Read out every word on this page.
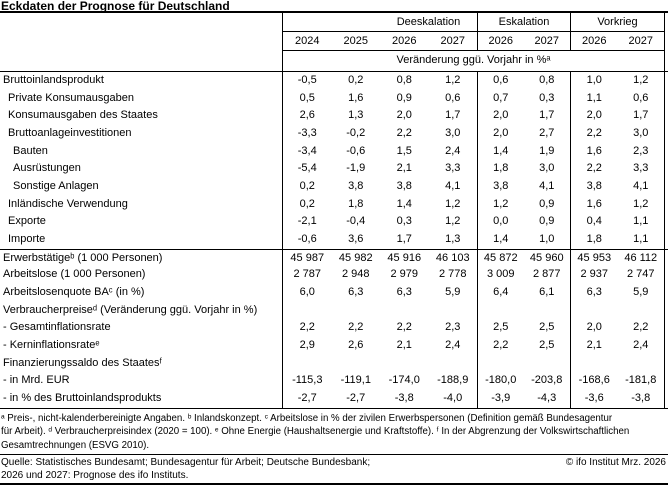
Eckdaten der Prognose für Deutschland
Deeskalation	Eskalation	Vorkrieg
2024	2025	2026	2027	2026	2027	2026	2027
Veränderung ggü. Vorjahr in %ᵃ
Bruttoinlandsprodukt	-0,5	0,2	0,8	1,2	0,6	0,8	1,0	1,2
Private Konsumausgaben	0,5	1,6	0,9	0,6	0,7	0,3	1,1	0,6
Konsumausgaben des Staates	2,6	1,3	2,0	1,7	2,0	1,7	2,0	1,7
Bruttoanlageinvestitionen	-3,3	-0,2	2,2	3,0	2,0	2,7	2,2	3,0
Bauten	-3,4	-0,6	1,5	2,4	1,4	1,9	1,6	2,3
Ausrüstungen	-5,4	-1,9	2,1	3,3	1,8	3,0	2,2	3,3
Sonstige Anlagen	0,2	3,8	3,8	4,1	3,8	4,1	3,8	4,1
Inländische Verwendung	0,2	1,8	1,4	1,2	1,2	0,9	1,6	1,2
Exporte	-2,1	-0,4	0,3	1,2	0,0	0,9	0,4	1,1
Importe	-0,6	3,6	1,7	1,3	1,4	1,0	1,8	1,1
Erwerbstätigeᵇ (1 000 Personen)	45 987	45 982	45 916	46 103	45 872	45 960	45 953	46 112
Arbeitslose (1 000 Personen)	2 787	2 948	2 979	2 778	3 009	2 877	2 937	2 747
Arbeitslosenquote BAᶜ (in %)	6,0	6,3	6,3	5,9	6,4	6,1	6,3	5,9
Verbraucherpreiseᵈ (Veränderung ggü. Vorjahr in %)
- Gesamtinflationsrate	2,2	2,2	2,2	2,3	2,5	2,5	2,0	2,2
- Kerninflationsrateᵉ	2,9	2,6	2,1	2,4	2,2	2,5	2,1	2,4
Finanzierungssaldo des Staatesᶠ
- in Mrd. EUR	-115,3	-119,1	-174,0	-188,9	-180,0	-203,8	-168,6	-181,8
- in % des Bruttoinlandsprodukts	-2,7	-2,7	-3,8	-4,0	-3,9	-4,3	-3,6	-3,8
ᵃ Preis-, nicht-kalenderbereinigte Angaben. ᵇ Inlandskonzept. ᶜ Arbeitslose in % der zivilen Erwerbspersonen (Definition gemäß Bundesagentur
für Arbeit). ᵈ Verbraucherpreisindex (2020 = 100). ᵉ Ohne Energie (Haushaltsenergie und Kraftstoffe). ᶠ In der Abgrenzung der Volkswirtschaftlichen
Gesamtrechnungen (ESVG 2010).
Quelle: Statistisches Bundesamt; Bundesagentur für Arbeit; Deutsche Bundesbank;	© ifo Institut Mrz. 2026
2026 und 2027: Prognose des ifo Instituts.
